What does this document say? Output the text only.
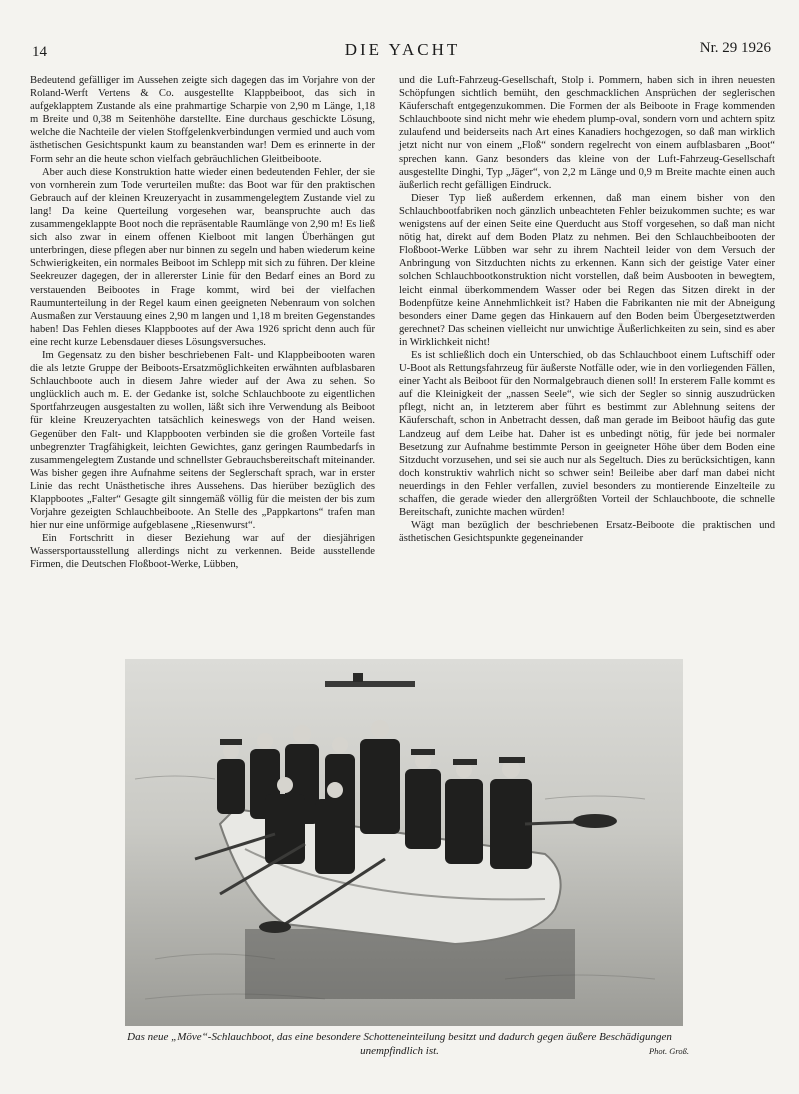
14	DIE YACHT	Nr. 29 1926

Bedeutend gefälliger im Aussehen zeigte sich dagegen das im Vorjahre von der Roland-Werft Vertens & Co. ausgestellte Klappbeiboot, das sich in aufgeklapptem Zustande als eine prahmartige Scharpie von 2,90 m Länge, 1,18 m Breite und 0,38 m Seitenhöhe darstellte. Eine durchaus geschickte Lösung, welche die Nachteile der vielen Stoffgelenkverbindungen vermied und auch vom ästhetischen Gesichtspunkt kaum zu beanstanden war! Dem es erinnerte in der Form sehr an die heute schon vielfach gebräuchlichen Gleitbeiboote.

Aber auch diese Konstruktion hatte wieder einen bedeutenden Fehler, der sie von vornherein zum Tode verurteilen mußte: das Boot war für den praktischen Gebrauch auf der kleinen Kreuzeryacht in zusammengelegtem Zustande viel zu lang! Da keine Querteilung vorgesehen war, beanspruchte auch das zusammengeklappte Boot noch die repräsentable Raumlänge von 2,90 m! Es ließ sich also zwar in einem offenen Kielboot mit langen Überhängen gut unterbringen, diese pflegen aber nur binnen zu segeln und haben wiederum keine Schwierigkeiten, ein normales Beiboot im Schlepp mit sich zu führen. Der kleine Seekreuzer dagegen, der in allererster Linie für den Bedarf eines an Bord zu verstauenden Beibootes in Frage kommt, wird bei der vielfachen Raumunterteilung in der Regel kaum einen geeigneten Nebenraum von solchen Ausmaßen zur Verstauung eines 2,90 m langen und 1,18 m breiten Gegenstandes haben! Das Fehlen dieses Klappbootes auf der Awa 1926 spricht denn auch für eine recht kurze Lebensdauer dieses Lösungsversuches.

Im Gegensatz zu den bisher beschriebenen Falt- und Klappbeibooten waren die als letzte Gruppe der Beiboots-Ersatzmöglichkeiten erwähnten aufblasbaren Schlauchboote auch in diesem Jahre wieder auf der Awa zu sehen. So unglücklich auch m. E. der Gedanke ist, solche Schlauchboote zu eigentlichen Sportfahrzeugen ausgestalten zu wollen, läßt sich ihre Verwendung als Beiboot für kleine Kreuzeryachten tatsächlich keineswegs von der Hand weisen. Gegenüber den Falt- und Klappbooten verbinden sie die großen Vorteile fast unbegrenzter Tragfähigkeit, leichten Gewichtes, ganz geringen Raumbedarfs in zusammengelegtem Zustande und schnellster Gebrauchsbereitschaft miteinander. Was bisher gegen ihre Aufnahme seitens der Seglerschaft sprach, war in erster Linie das recht Unästhetische ihres Aussehens. Das hierüber bezüglich des Klappbootes „Falter“ Gesagte gilt sinngemäß völlig für die meisten der bis zum Vorjahre gezeigten Schlauchbeiboote. An Stelle des „Pappkartons“ trafen man hier nur eine unförmige aufgeblasene „Riesenwurst“.

Ein Fortschritt in dieser Beziehung war auf der diesjährigen Wassersportausstellung allerdings nicht zu verkennen. Beide ausstellende Firmen, die Deutschen Floßboot-Werke, Lübben,

und die Luft-Fahrzeug-Gesellschaft, Stolp i. Pommern, haben sich in ihren neuesten Schöpfungen sichtlich bemüht, den geschmacklichen Ansprüchen der seglerischen Käuferschaft entgegenzukommen. Die Formen der als Beiboote in Frage kommenden Schlauchboote sind nicht mehr wie ehedem plump-oval, sondern vorn und achtern spitz zulaufend und beiderseits nach Art eines Kanadiers hochgezogen, so daß man wirklich jetzt nicht nur von einem „Floß“ sondern regelrecht von einem aufblasbaren „Boot“ sprechen kann. Ganz besonders das kleine von der Luft-Fahrzeug-Gesellschaft ausgestellte Dinghi, Typ „Jäger“, von 2,2 m Länge und 0,9 m Breite machte einen auch äußerlich recht gefälligen Eindruck.

Dieser Typ ließ außerdem erkennen, daß man einem bisher von den Schlauchbootfabriken noch gänzlich unbeachteten Fehler beizukommen suchte; es war wenigstens auf der einen Seite eine Querducht aus Stoff vorgesehen, so daß man nicht nötig hat, direkt auf dem Boden Platz zu nehmen. Bei den Schlauchbeibooten der Floßboot-Werke Lübben war sehr zu ihrem Nachteil leider von dem Versuch der Anbringung von Sitzduchten nichts zu erkennen. Kann sich der geistige Vater einer solchen Schlauchbootkonstruktion nicht vorstellen, daß beim Ausbooten in bewegtem, leicht einmal überkommendem Wasser oder bei Regen das Sitzen direkt in der Bodenpfütze keine Annehmlichkeit ist? Haben die Fabrikanten nie mit der Abneigung besonders einer Dame gegen das Hinkauern auf den Boden beim Übergesetztwerden gerechnet? Das scheinen vielleicht nur unwichtige Äußerlichkeiten zu sein, sind es aber in Wirklichkeit nicht!

Es ist schließlich doch ein Unterschied, ob das Schlauchboot einem Luftschiff oder U-Boot als Rettungsfahrzeug für äußerste Notfälle oder, wie in den vorliegenden Fällen, einer Yacht als Beiboot für den Normalgebrauch dienen soll! In ersterem Falle kommt es auf die Kleinigkeit der „nassen Seele“, wie sich der Segler so sinnig auszudrücken pflegt, nicht an, in letzterem aber führt es bestimmt zur Ablehnung seitens der Käuferschaft, schon in Anbetracht dessen, daß man gerade im Beiboot häufig das gute Landzeug auf dem Leibe hat. Daher ist es unbedingt nötig, für jede bei normaler Besetzung zur Aufnahme bestimmte Person in geeigneter Höhe über dem Boden eine Sitzducht vorzusehen, und sei sie auch nur als Segeltuch. Dies zu berücksichtigen, kann doch konstruktiv wahrlich nicht so schwer sein! Beileibe aber darf man dabei nicht neuerdings in den Fehler verfallen, zuviel besonders zu montierende Einzelteile zu schaffen, die gerade wieder den allergrößten Vorteil der Schlauchboote, die schnelle Bereitschaft, zunichte machen würden!

Wägt man bezüglich der beschriebenen Ersatz-Beiboote die praktischen und ästhetischen Gesichtspunkte gegeneinander

Das neue „Möve“-Schlauchboot, das eine besondere Schotteneinteilung besitzt und dadurch gegen äußere Beschädigungen unempfindlich ist.	Phot. Groß.
